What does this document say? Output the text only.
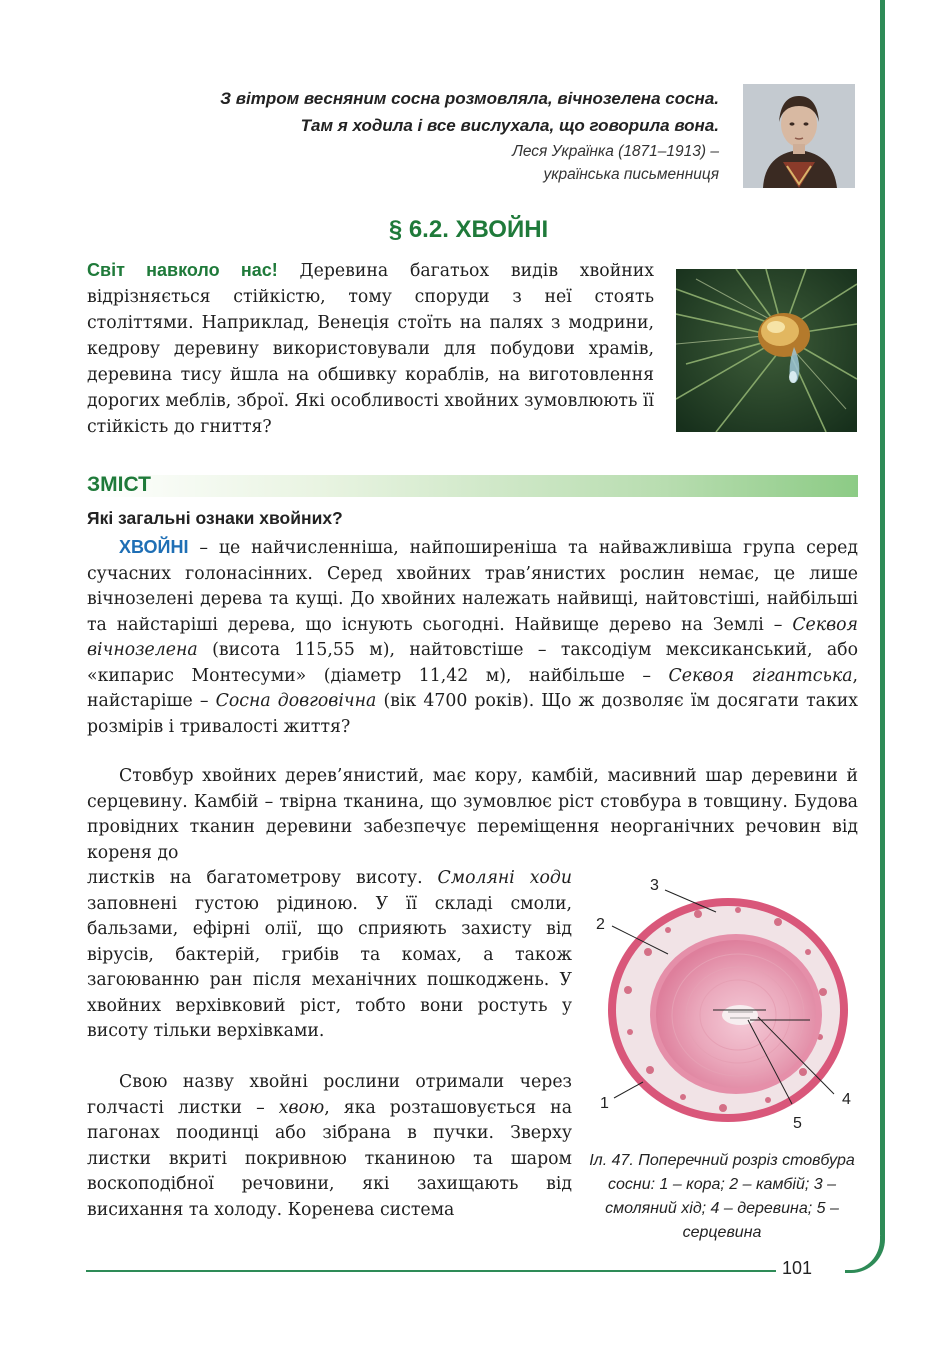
101
З вітром весняним сосна розмовляла, вічнозелена сосна.
Там я ходила і все вислухала, що говорила вона.
Леся Українка (1871–1913) –
українська письменниця
§ 6.2. ХВОЙНІ
Світ навколо нас! Деревина багатьох видів хвойних відрізняється стійкістю, тому споруди з неї стоять століттями. Наприклад, Венеція стоїть на палях з модрини, кедрову деревину використовували для побудови храмів, деревина тису йшла на обшивку кораблів, на виготовлення дорогих меблів, зброї. Які особливості хвойних зумовлюють її стійкість до гниття?
ЗМІСТ
Які загальні ознаки хвойних?
ХВОЙНІ – це найчисленніша, найпоширеніша та найважливіша група серед сучасних голонасінних. Серед хвойних трав’янистих рослин немає, це лише вічнозелені дерева та кущі. До хвойних належать найвищі, найтовстіші, найбільші та найстаріші дерева, що існують сьогодні. Найвище дерево на Землі – Секвоя вічнозелена (висота 115,55 м), найтовстіше – таксодіум мексиканський, або «кипарис Монтесуми» (діаметр 11,42 м), найбільше – Секвоя гігантська, найстаріше – Сосна довговічна (вік 4700 років). Що ж дозволяє їм досягати таких розмірів і тривалості життя?
Стовбур хвойних дерев’янистий, має кору, камбій, масивний шар деревини й серцевину. Камбій – твірна тканина, що зумовлює ріст стовбура в товщину. Будова провідних тканин деревини забезпечує переміщення неорганічних речовин від кореня до
листків на багатометрову висоту. Смоляні ходи заповнені густою рідиною. У її складі смоли, бальзами, ефірні олії, що сприяють захисту від вірусів, бактерій, грибів та комах, а також загоюванню ран після механічних пошкоджень. У хвойних верхівковий ріст, тобто вони ростуть у висоту тільки верхівками.
Свою назву хвойні рослини отримали через голчасті листки – хвою, яка розташовується на пагонах поодинці або зібрана в пучки. Зверху листки вкриті покривною тканиною та шаром воскоподібної речовини, які захищають від висихання та холоду. Коренева система
3
2
1	4
5
Іл. 47. Поперечний розріз стовбура сосни: 1 – кора; 2 – камбій; 3 – смоляний хід; 4 – деревина; 5 – серцевина
